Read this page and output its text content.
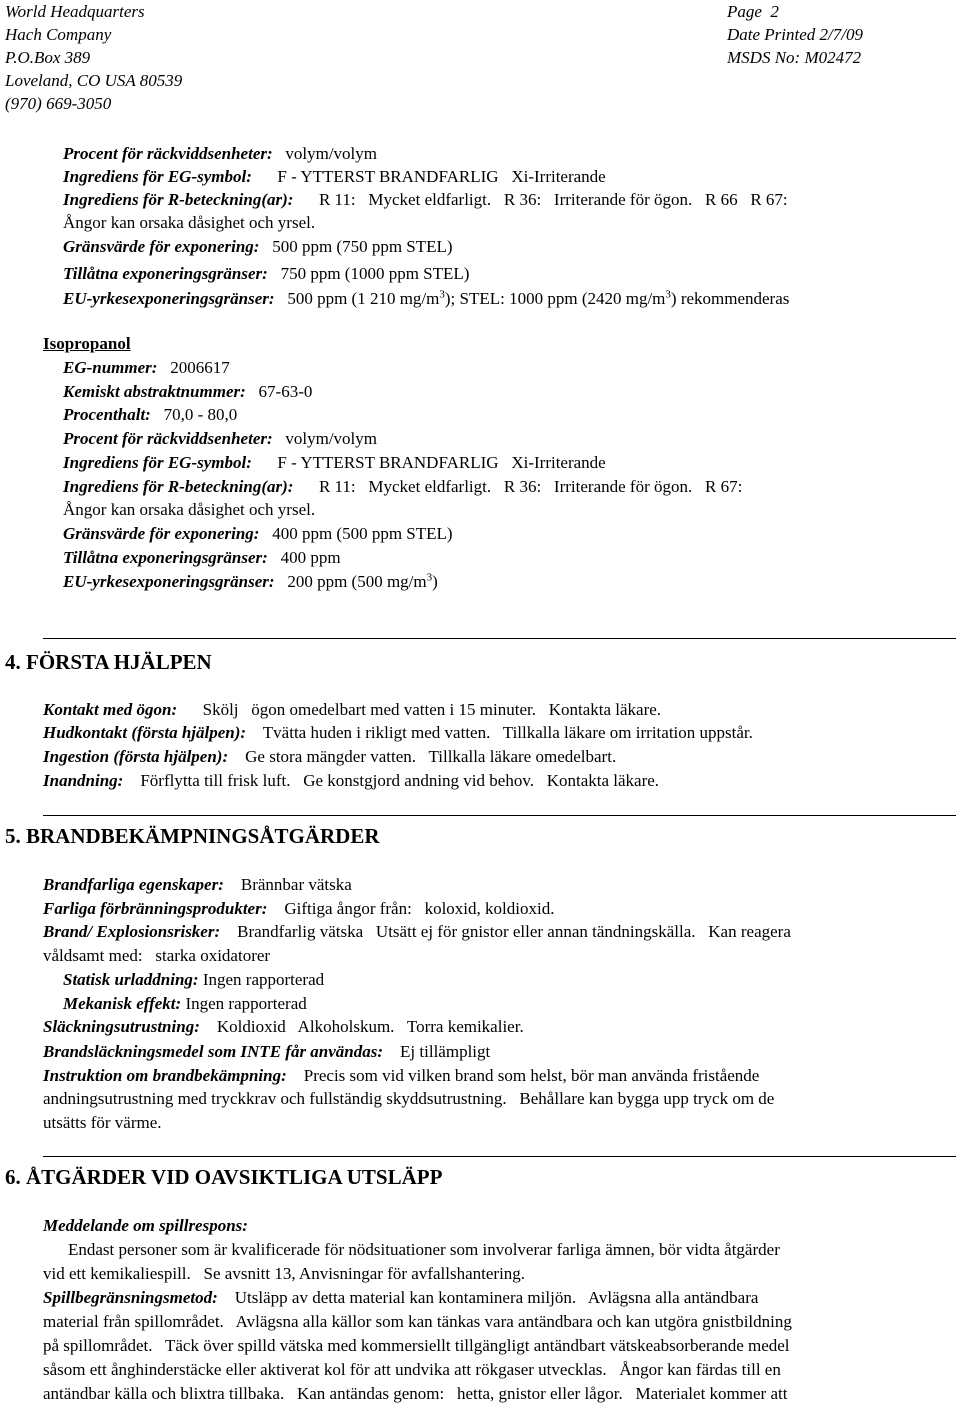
World Headquarters
Hach Company
P.O.Box 389
Loveland, CO USA 80539
(970) 669-3050
Page  2
Date Printed 2/7/09
MSDS No: M02472
Procent för räckviddsenheter: volym/volym
Ingrediens för EG-symbol: F - YTTERST BRANDFARLIG   Xi-Irriterande
Ingrediens för R-beteckning(ar): R 11:   Mycket eldfarligt.   R 36:   Irriterande för ögon.   R 66   R 67:
Ångor kan orsaka dåsighet och yrsel.
Gränsvärde för exponering: 500 ppm (750 ppm STEL)
Tillåtna exponeringsgränser: 750 ppm (1000 ppm STEL)
EU-yrkesexponeringsgränser: 500 ppm (1 210 $mg/m^3$); STEL: 1000 ppm (2420 $mg/m^3$) rekommenderas
Isopropanol
EG-nummer: 2006617
Kemiskt abstraktnummer: 67-63-0
Procenthalt: 70,0 - 80,0
Procent för räckviddsenheter: volym/volym
Ingrediens för EG-symbol: F - YTTERST BRANDFARLIG   Xi-Irriterande
Ingrediens för R-beteckning(ar): R 11:   Mycket eldfarligt.   R 36:   Irriterande för ögon.   R 67:
Ångor kan orsaka dåsighet och yrsel.
Gränsvärde för exponering: 400 ppm (500 ppm STEL)
Tillåtna exponeringsgränser: 400 ppm
EU-yrkesexponeringsgränser: 200 ppm (500 $mg/m^3$)
4. FÖRSTA HJÄLPEN
Kontakt med ögon: Skölj   ögon omedelbart med vatten i 15 minuter.   Kontakta läkare.
Hudkontakt (första hjälpen): Tvätta huden i rikligt med vatten.   Tillkalla läkare om irritation uppstår.
Ingestion (första hjälpen): Ge stora mängder vatten.   Tillkalla läkare omedelbart.
Inandning: Förflytta till frisk luft.   Ge konstgjord andning vid behov.   Kontakta läkare.
5. BRANDBEKÄMPNINGSÅTGÄRDER
Brandfarliga egenskaper: Brännbar vätska
Farliga förbränningsprodukter: Giftiga ångor från:   koloxid, koldioxid.
Brand/ Explosionsrisker: Brandfarlig vätska   Utsätt ej för gnistor eller annan tändningskälla.   Kan reagera
våldsamt med:   starka oxidatorer
Statisk urladdning: Ingen rapporterad
Mekanisk effekt: Ingen rapporterad
Släckningsutrustning: Koldioxid   Alkoholskum.   Torra kemikalier.
Brandsläckningsmedel som INTE får användas: Ej tillämpligt
Instruktion om brandbekämpning: Precis som vid vilken brand som helst, bör man använda fristående
andningsutrustning med tryckkrav och fullständig skyddsutrustning.   Behållare kan bygga upp tryck om de
utsätts för värme.
6. ÅTGÄRDER VID OAVSIKTLIGA UTSLÄPP
Meddelande om spillrespons:
Endast personer som är kvalificerade för nödsituationer som involverar farliga ämnen, bör vidta åtgärder
vid ett kemikaliespill.   Se avsnitt 13, Anvisningar för avfallshantering.
Spillbegränsningsmetod: Utsläpp av detta material kan kontaminera miljön.   Avlägsna alla antändbara
material från spillområdet.   Avlägsna alla källor som kan tänkas vara antändbara och kan utgöra gnistbildning
på spillområdet.   Täck över spilld vätska med kommersiellt tillgängligt antändbart vätskeabsorberande medel
såsom ett ånghinderstäcke eller aktiverat kol för att undvika att rökgaser utvecklas.   Ångor kan färdas till en
antändbar källa och blixtra tillbaka.   Kan antändas genom:   hetta, gnistor eller lågor.   Materialet kommer att
